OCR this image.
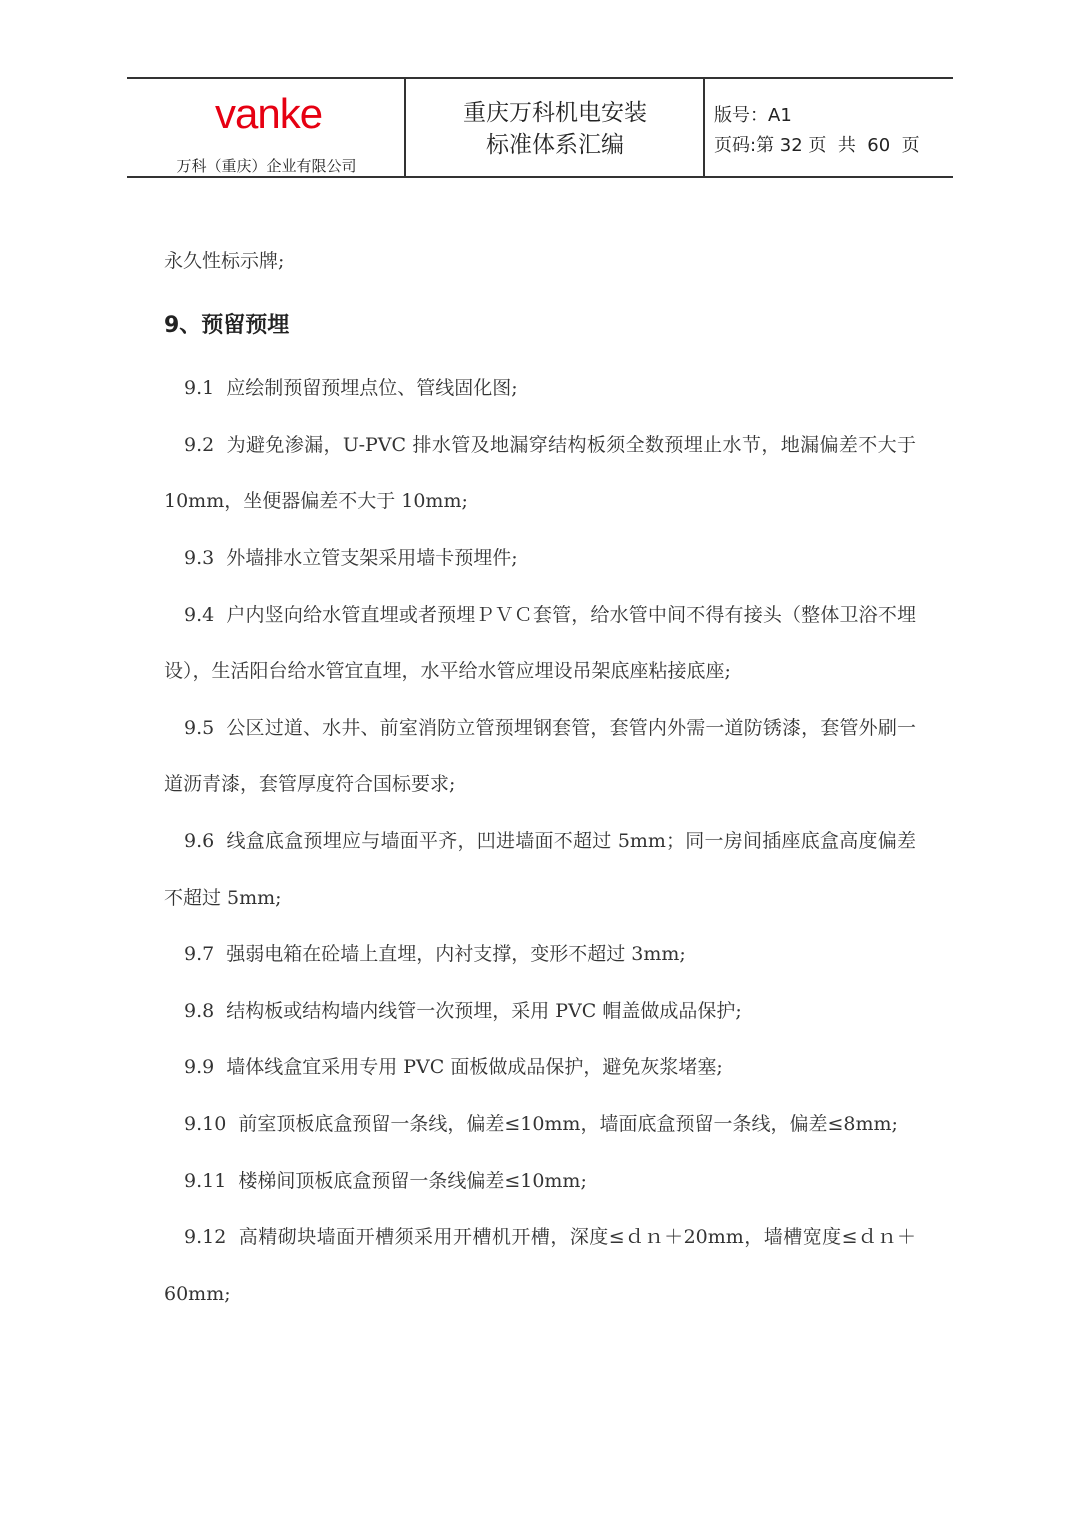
vanke
万科（重庆）企业有限公司
重庆万科机电安装
标准体系汇编
版号：A1
页码:第 32 页  共  60  页

永久性标示牌;

9、预留预埋

9.1 应绘制预留预埋点位、管线固化图;

9.2 为避免渗漏，U-PVC 排水管及地漏穿结构板须全数预埋止水节，地漏偏差不大于 10mm，坐便器偏差不大于 10mm;

9.3 外墙排水立管支架采用墙卡预埋件;

9.4 户内竖向给水管直埋或者预埋ＰＶＣ套管，给水管中间不得有接头（整体卫浴不埋设），生活阳台给水管宜直埋，水平给水管应埋设吊架底座粘接底座;

9.5 公区过道、水井、前室消防立管预埋钢套管，套管内外需一道防锈漆，套管外刷一道沥青漆，套管厚度符合国标要求;

9.6 线盒底盒预埋应与墙面平齐，凹进墙面不超过 5mm；同一房间插座底盒高度偏差不超过 5mm;

9.7 强弱电箱在砼墙上直埋，内衬支撑，变形不超过 3mm;

9.8 结构板或结构墙内线管一次预埋，采用 PVC 帽盖做成品保护;

9.9 墙体线盒宜采用专用 PVC 面板做成品保护，避免灰浆堵塞;

9.10 前室顶板底盒预留一条线，偏差≤10mm，墙面底盒预留一条线，偏差≤8mm;

9.11 楼梯间顶板底盒预留一条线偏差≤10mm;

9.12 高精砌块墙面开槽须采用开槽机开槽，深度≤ｄｎ＋20mm，墙槽宽度≤ｄｎ＋60mm;
